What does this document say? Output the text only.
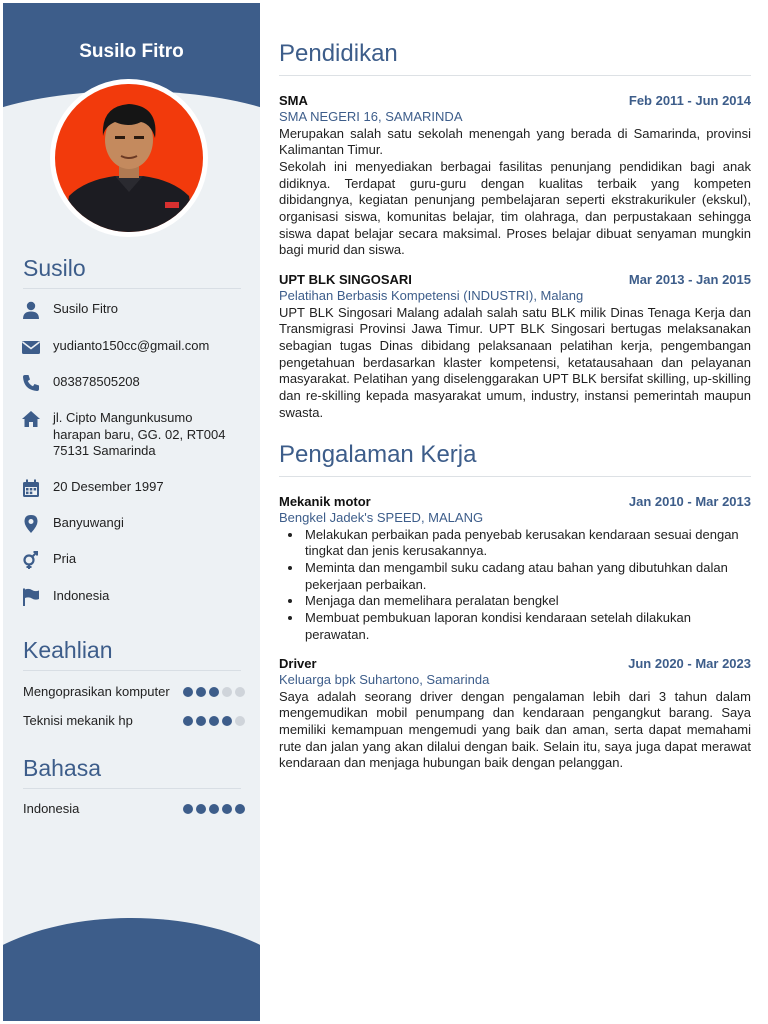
Susilo Fitro
Susilo
Susilo Fitro
yudianto150cc@gmail.com
083878505208
jl. Cipto Mangunkusumo
harapan baru, GG. 02, RT004
75131 Samarinda
20 Desember 1997
Banyuwangi
Pria
Indonesia
Keahlian
Mengoprasikan komputer
Teknisi mekanik hp
Bahasa
Indonesia
Pendidikan
SMA	Feb 2011 - Jun 2014
SMA NEGERI 16, SAMARINDA
Merupakan salah satu sekolah menengah yang berada di Samarinda, provinsi Kalimantan Timur.
Sekolah ini menyediakan berbagai fasilitas penunjang pendidikan bagi anak didiknya. Terdapat guru-guru dengan kualitas terbaik yang kompeten dibidangnya, kegiatan penunjang pembelajaran seperti ekstrakurikuler (ekskul), organisasi siswa, komunitas belajar, tim olahraga, dan perpustakaan sehingga siswa dapat belajar secara maksimal. Proses belajar dibuat senyaman mungkin bagi murid dan siswa.
UPT BLK SINGOSARI	Mar 2013 - Jan 2015
Pelatihan Berbasis Kompetensi (INDUSTRI), Malang
UPT BLK Singosari Malang adalah salah satu BLK milik Dinas Tenaga Kerja dan Transmigrasi Provinsi Jawa Timur. UPT BLK Singosari bertugas melaksanakan sebagian tugas Dinas dibidang pelaksanaan pelatihan kerja, pengembangan pengetahuan berdasarkan klaster kompetensi, ketatausahaan dan pelayanan masyarakat. Pelatihan yang diselenggarakan UPT BLK bersifat skilling, up-skilling dan re-skilling kepada masyarakat umum, industry, instansi pemerintah maupun swasta.
Pengalaman Kerja
Mekanik motor	Jan 2010 - Mar 2013
Bengkel Jadek's SPEED, MALANG
• Melakukan perbaikan pada penyebab kerusakan kendaraan sesuai dengan tingkat dan jenis kerusakannya.
• Meminta dan mengambil suku cadang atau bahan yang dibutuhkan dalan pekerjaan perbaikan.
• Menjaga dan memelihara peralatan bengkel
• Membuat pembukuan laporan kondisi kendaraan setelah dilakukan perawatan.
Driver	Jun 2020 - Mar 2023
Keluarga bpk Suhartono, Samarinda
Saya adalah seorang driver dengan pengalaman lebih dari 3 tahun dalam mengemudikan mobil penumpang dan kendaraan pengangkut barang. Saya memiliki kemampuan mengemudi yang baik dan aman, serta dapat memahami rute dan jalan yang akan dilalui dengan baik. Selain itu, saya juga dapat merawat kendaraan dan menjaga hubungan baik dengan pelanggan.
